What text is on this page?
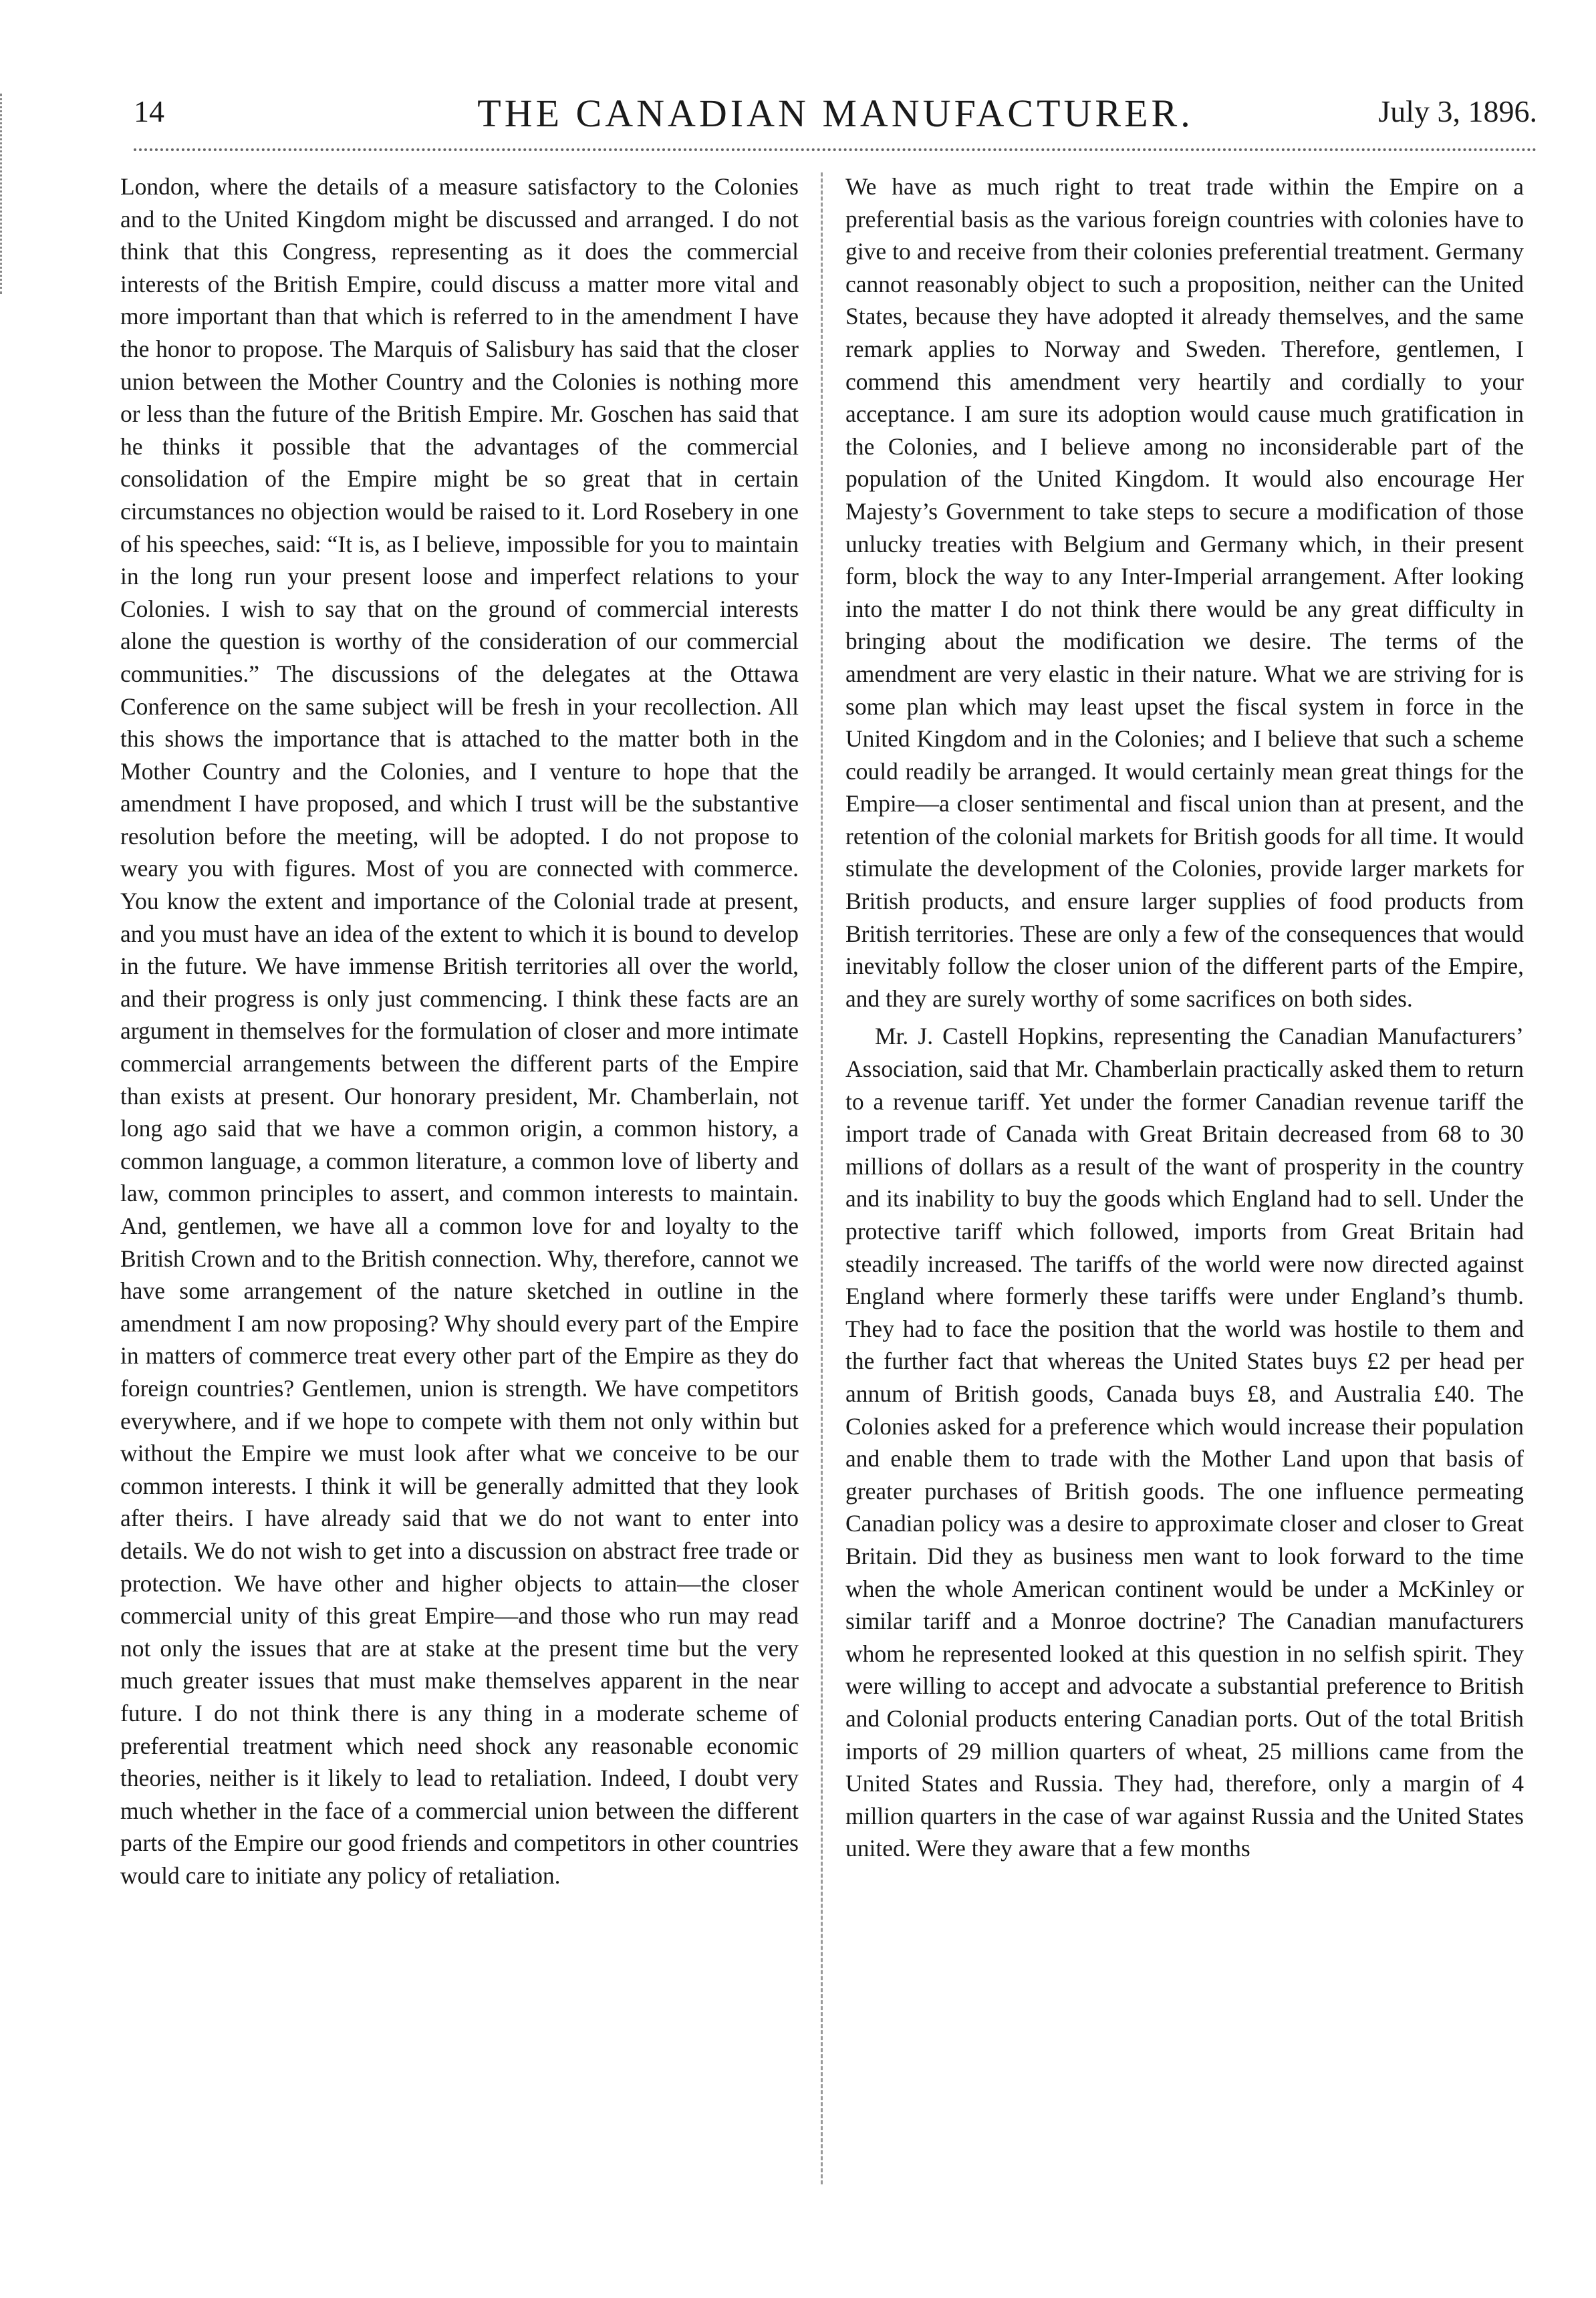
14	THE CANADIAN MANUFACTURER.	July 3, 1896.

London, where the details of a measure satisfactory to the Colonies and to the United Kingdom might be discussed and arranged. I do not think that this Congress, representing as it does the commercial interests of the British Empire, could discuss a matter more vital and more important than that which is referred to in the amendment I have the honor to propose. The Marquis of Salisbury has said that the closer union between the Mother Country and the Colonies is nothing more or less than the future of the British Empire. Mr. Goschen has said that he thinks it possible that the advantages of the commercial consolidation of the Empire might be so great that in certain circumstances no objection would be raised to it. Lord Rosebery in one of his speeches, said: “It is, as I believe, impossible for you to maintain in the long run your present loose and imperfect relations to your Colonies. I wish to say that on the ground of commercial interests alone the question is worthy of the consideration of our commercial communities.” The discussions of the delegates at the Ottawa Conference on the same subject will be fresh in your recollection. All this shows the importance that is attached to the matter both in the Mother Country and the Colonies, and I venture to hope that the amendment I have proposed, and which I trust will be the substantive resolution before the meeting, will be adopted. I do not propose to weary you with figures. Most of you are connected with commerce. You know the extent and importance of the Colonial trade at present, and you must have an idea of the extent to which it is bound to develop in the future. We have immense British territories all over the world, and their progress is only just commencing. I think these facts are an argument in themselves for the formulation of closer and more intimate commercial arrangements between the different parts of the Empire than exists at present. Our honorary president, Mr. Chamberlain, not long ago said that we have a common origin, a common history, a common language, a common literature, a common love of liberty and law, common principles to assert, and common interests to maintain. And, gentlemen, we have all a common love for and loyalty to the British Crown and to the British connection. Why, therefore, cannot we have some arrangement of the nature sketched in outline in the amendment I am now proposing? Why should every part of the Empire in matters of commerce treat every other part of the Empire as they do foreign countries? Gentlemen, union is strength. We have competitors everywhere, and if we hope to compete with them not only within but without the Empire we must look after what we conceive to be our common interests. I think it will be generally admitted that they look after theirs. I have already said that we do not want to enter into details. We do not wish to get into a discussion on abstract free trade or protection. We have other and higher objects to attain—the closer commercial unity of this great Empire—and those who run may read not only the issues that are at stake at the present time but the very much greater issues that must make themselves apparent in the near future. I do not think there is any thing in a moderate scheme of preferential treatment which need shock any reasonable economic theories, neither is it likely to lead to retaliation. Indeed, I doubt very much whether in the face of a commercial union between the different parts of the Empire our good friends and competitors in other countries would care to initiate any policy of retaliation.

We have as much right to treat trade within the Empire on a preferential basis as the various foreign countries with colonies have to give to and receive from their colonies preferential treatment. Germany cannot reasonably object to such a proposition, neither can the United States, because they have adopted it already themselves, and the same remark applies to Norway and Sweden. Therefore, gentlemen, I commend this amendment very heartily and cordially to your acceptance. I am sure its adoption would cause much gratification in the Colonies, and I believe among no inconsiderable part of the population of the United Kingdom. It would also encourage Her Majesty’s Government to take steps to secure a modification of those unlucky treaties with Belgium and Germany which, in their present form, block the way to any Inter-Imperial arrangement. After looking into the matter I do not think there would be any great difficulty in bringing about the modification we desire. The terms of the amendment are very elastic in their nature. What we are striving for is some plan which may least upset the fiscal system in force in the United Kingdom and in the Colonies; and I believe that such a scheme could readily be arranged. It would certainly mean great things for the Empire—a closer sentimental and fiscal union than at present, and the retention of the colonial markets for British goods for all time. It would stimulate the development of the Colonies, provide larger markets for British products, and ensure larger supplies of food products from British territories. These are only a few of the consequences that would inevitably follow the closer union of the different parts of the Empire, and they are surely worthy of some sacrifices on both sides.

Mr. J. Castell Hopkins, representing the Canadian Manufacturers’ Association, said that Mr. Chamberlain practically asked them to return to a revenue tariff. Yet under the former Canadian revenue tariff the import trade of Canada with Great Britain decreased from 68 to 30 millions of dollars as a result of the want of prosperity in the country and its inability to buy the goods which England had to sell. Under the protective tariff which followed, imports from Great Britain had steadily increased. The tariffs of the world were now directed against England where formerly these tariffs were under England’s thumb. They had to face the position that the world was hostile to them and the further fact that whereas the United States buys £2 per head per annum of British goods, Canada buys £8, and Australia £40. The Colonies asked for a preference which would increase their population and enable them to trade with the Mother Land upon that basis of greater purchases of British goods. The one influence permeating Canadian policy was a desire to approximate closer and closer to Great Britain. Did they as business men want to look forward to the time when the whole American continent would be under a McKinley or similar tariff and a Monroe doctrine? The Canadian manufacturers whom he represented looked at this question in no selfish spirit. They were willing to accept and advocate a substantial preference to British and Colonial products entering Canadian ports. Out of the total British imports of 29 million quarters of wheat, 25 millions came from the United States and Russia. They had, therefore, only a margin of 4 million quarters in the case of war against Russia and the United States united. Were they aware that a few months
